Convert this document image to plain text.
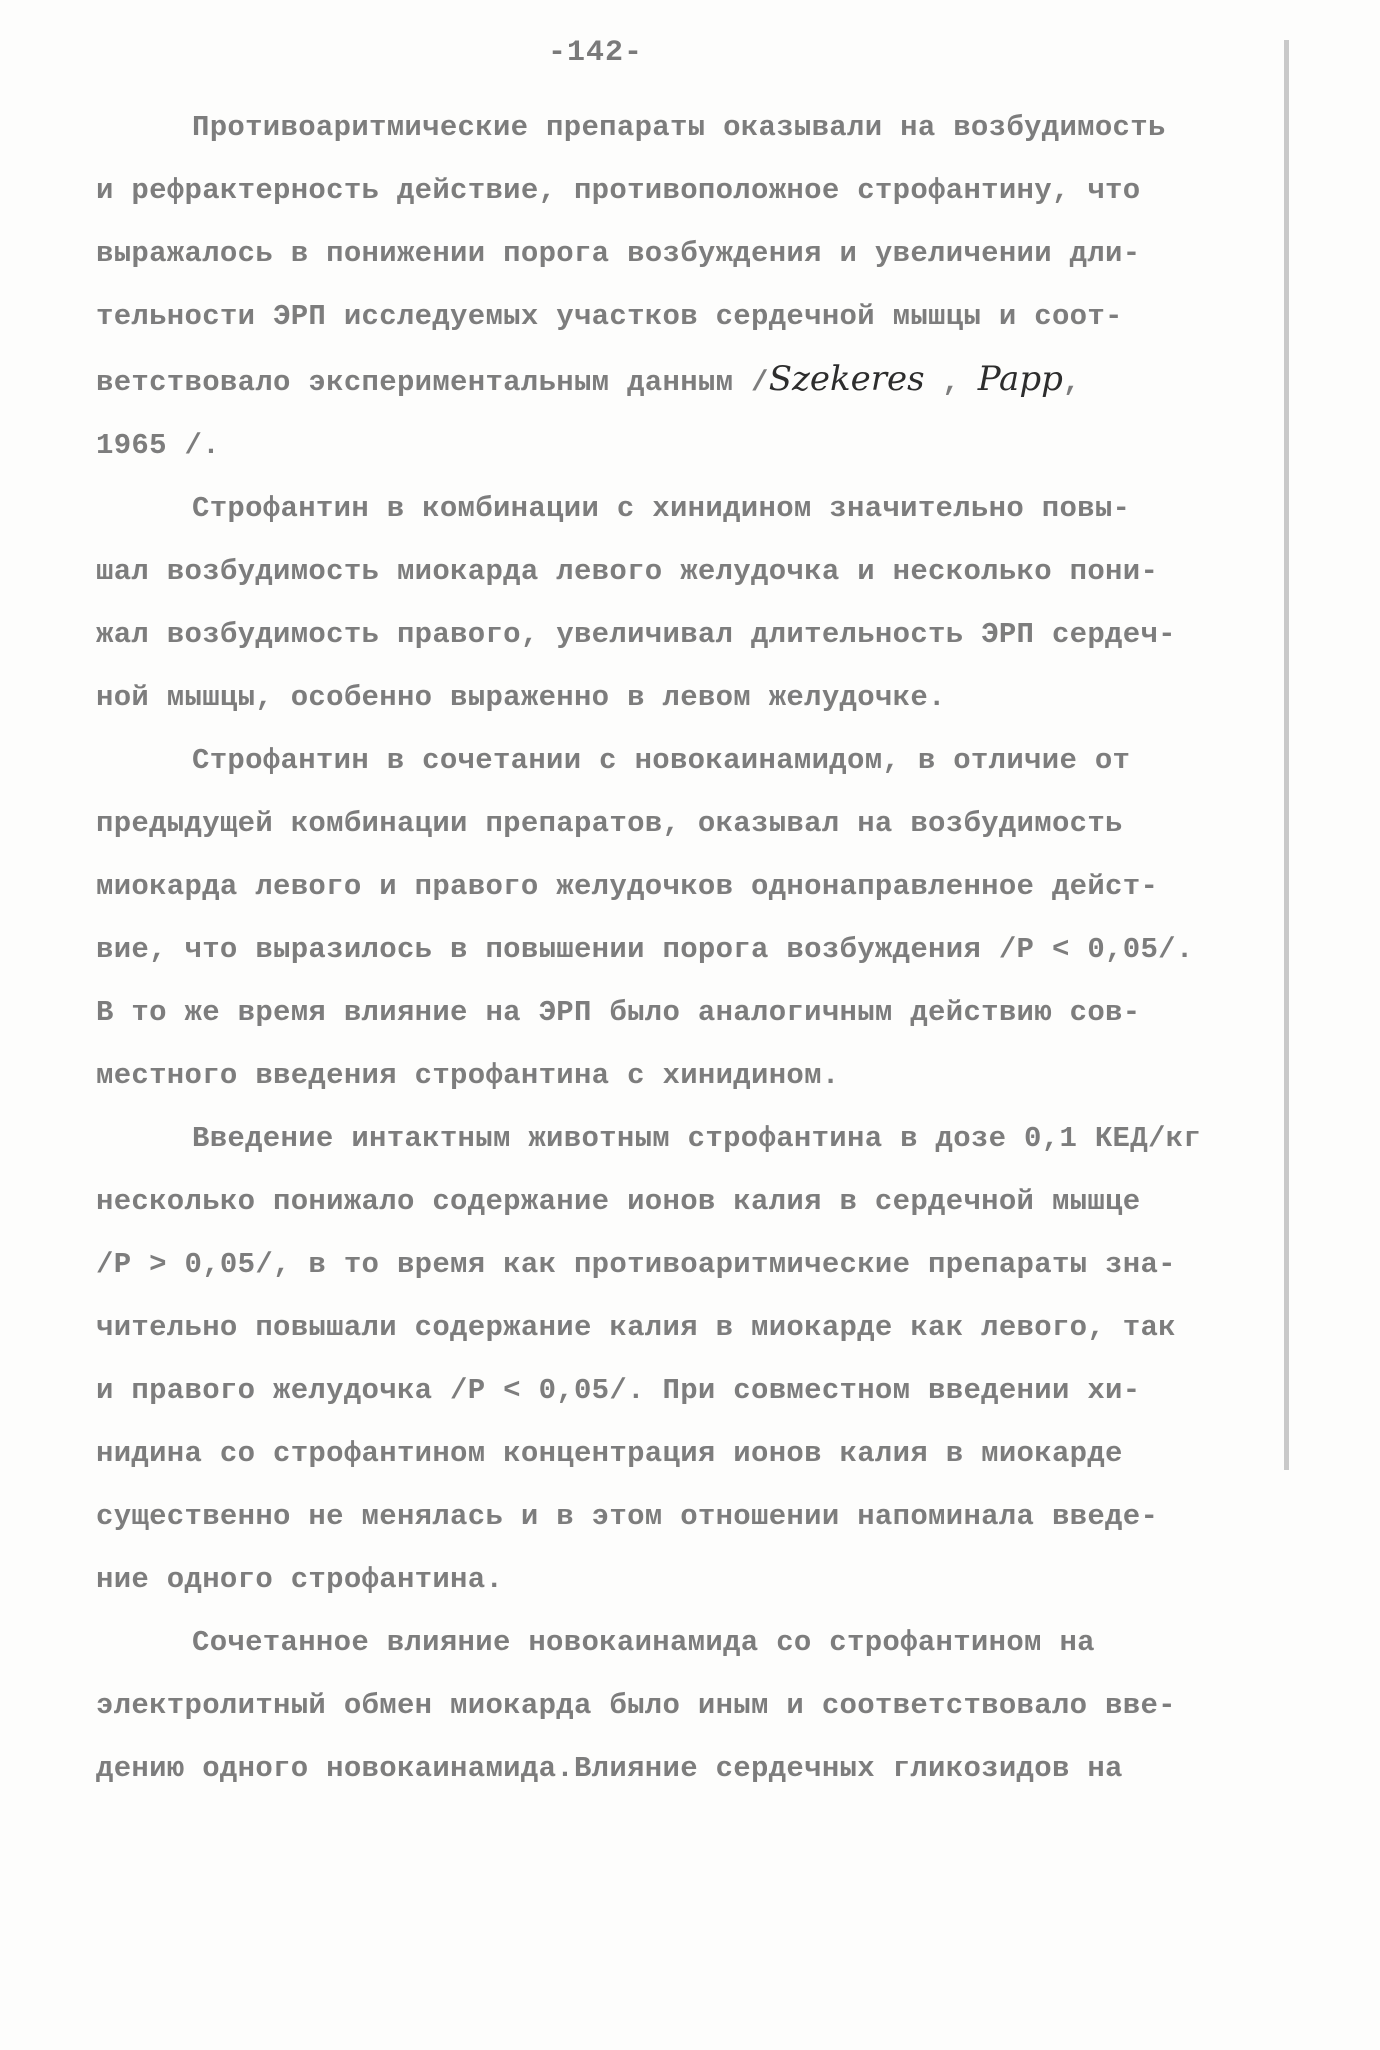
-142-

Противоаритмические препараты оказывали на возбудимость
и рефрактерность действие, противоположное строфантину, что
выражалось в понижении порога возбуждения и увеличении дли-
тельности ЭРП исследуемых участков сердечной мышцы и соот-
ветствовало экспериментальным данным /Szekeres , Papp,
1965 /.

Строфантин в комбинации с хинидином значительно повы-
шал возбудимость миокарда левого желудочка и несколько пони-
жал возбудимость правого, увеличивал длительность ЭРП сердеч-
ной мышцы, особенно выраженно в левом желудочке.

Строфантин в сочетании с новокаинамидом, в отличие от
предыдущей комбинации препаратов, оказывал на возбудимость
миокарда левого и правого желудочков однонаправленное дейст-
вие, что выразилось в повышении порога возбуждения /Р < 0,05/.
В то же время влияние на ЭРП было аналогичным действию сов-
местного введения строфантина с хинидином.

Введение интактным животным строфантина в дозе 0,1 КЕД/кг
несколько понижало содержание ионов калия в сердечной мышце
/Р > 0,05/, в то время как противоаритмические препараты зна-
чительно повышали содержание калия в миокарде как левого, так
и правого желудочка /Р < 0,05/. При совместном введении хи-
нидина со строфантином концентрация ионов калия в миокарде
существенно не менялась и в этом отношении напоминала введе-
ние одного строфантина.

Сочетанное влияние новокаинамида со строфантином на
электролитный обмен миокарда было иным и соответствовало вве-
дению одного новокаинамида.Влияние сердечных гликозидов на
